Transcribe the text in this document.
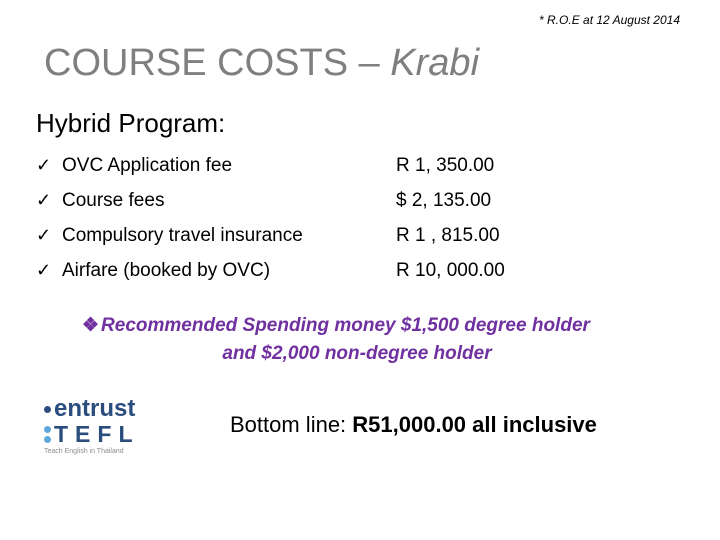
* R.O.E at 12 August 2014
COURSE COSTS – Krabi
Hybrid Program:
✓ OVC Application fee	R 1, 350.00
✓ Course fees	$ 2, 135.00
✓ Compulsory travel insurance	R 1 , 815.00
✓ Airfare (booked by OVC)	R 10, 000.00
❖ Recommended Spending money $1,500 degree holder
and $2,000 non-degree holder
entrust
TEFL
Teach English in Thailand
Bottom line: R51,000.00 all inclusive
